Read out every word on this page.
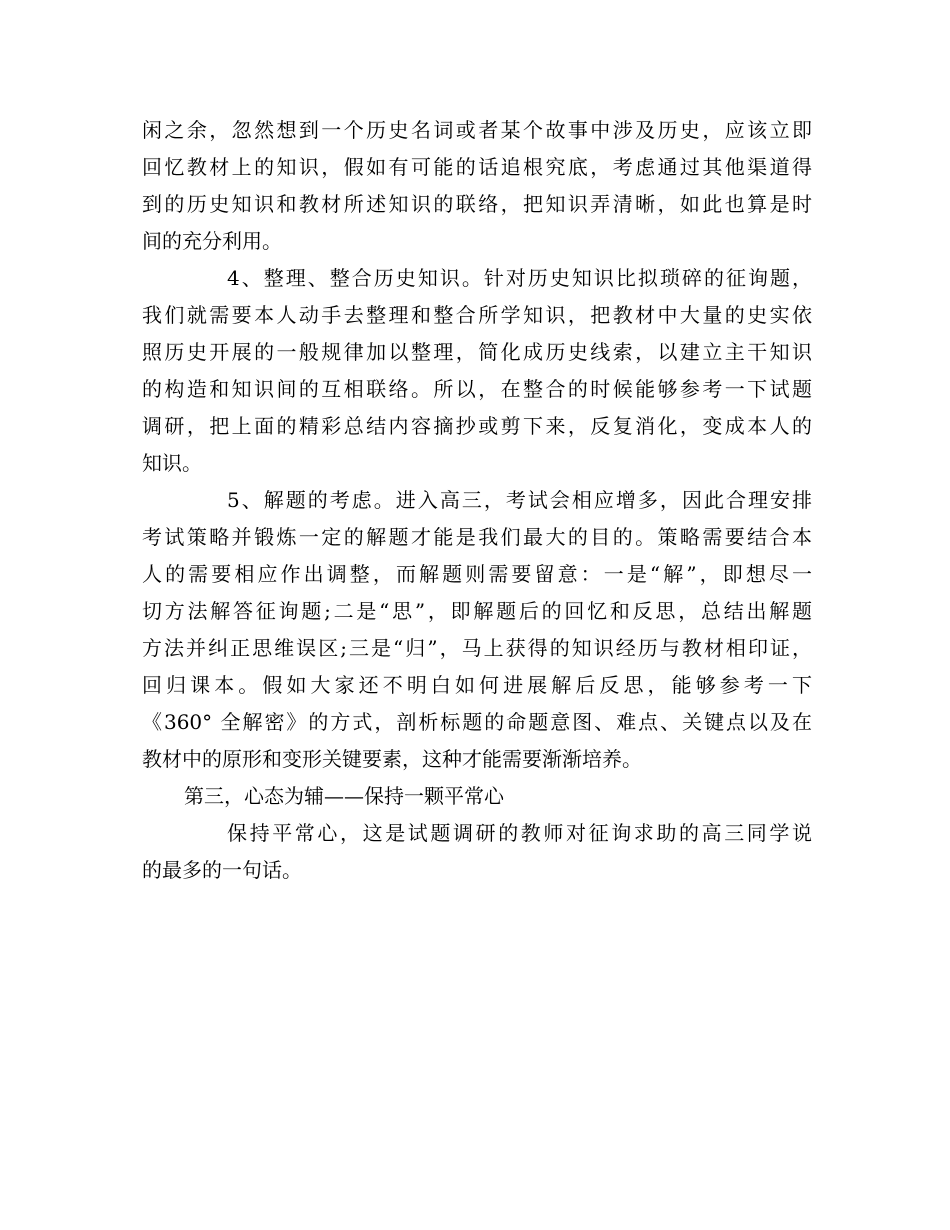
闲之余，忽然想到一个历史名词或者某个故事中涉及历史，应该立即
回忆教材上的知识，假如有可能的话追根究底，考虑通过其他渠道得
到的历史知识和教材所述知识的联络，把知识弄清晰，如此也算是时
间的充分利用。
4、整理、整合历史知识。针对历史知识比拟琐碎的征询题，
我们就需要本人动手去整理和整合所学知识，把教材中大量的史实依
照历史开展的一般规律加以整理，简化成历史线索，以建立主干知识
的构造和知识间的互相联络。所以，在整合的时候能够参考一下试题
调研，把上面的精彩总结内容摘抄或剪下来，反复消化，变成本人的
知识。
5、解题的考虑。进入高三，考试会相应增多，因此合理安排
考试策略并锻炼一定的解题才能是我们最大的目的。策略需要结合本
人的需要相应作出调整，而解题则需要留意：一是“解”，即想尽一
切方法解答征询题;二是“思”，即解题后的回忆和反思，总结出解题
方法并纠正思维误区;三是“归”，马上获得的知识经历与教材相印证，
回归课本。假如大家还不明白如何进展解后反思，能够参考一下
《360° 全解密》的方式，剖析标题的命题意图、难点、关键点以及在
教材中的原形和变形关键要素，这种才能需要渐渐培养。
第三，心态为辅——保持一颗平常心
保持平常心，这是试题调研的教师对征询求助的高三同学说
的最多的一句话。
